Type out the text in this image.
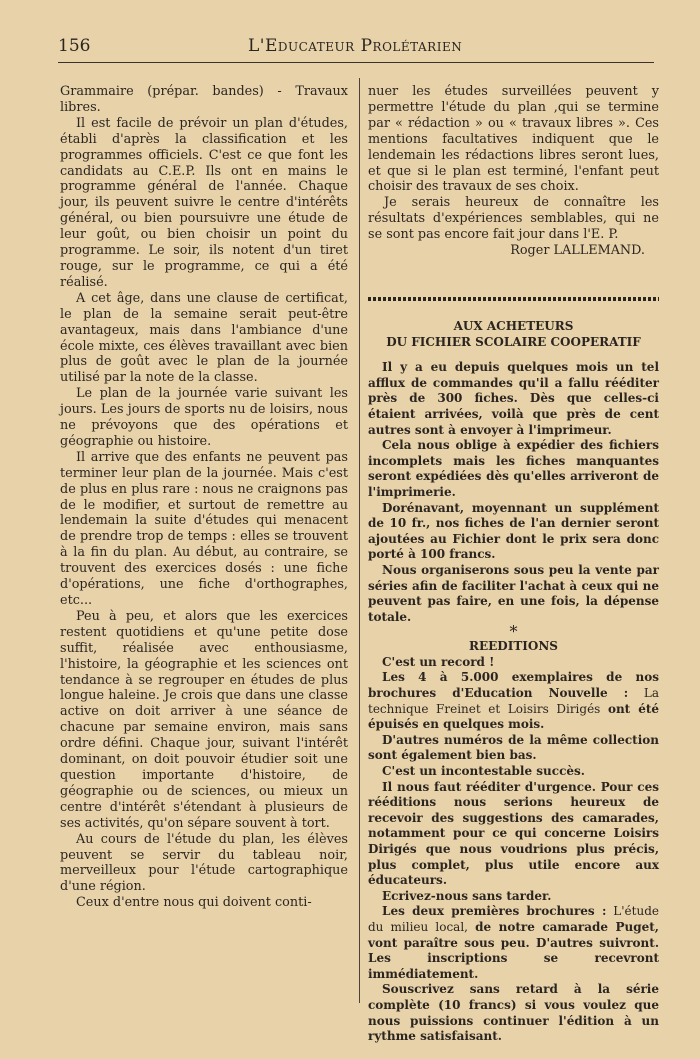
156	L'Educateur Prolétarien

Grammaire (prépar. bandes) - Travaux libres.

Il est facile de prévoir un plan d'études, établi d'après la classification et les programmes officiels. C'est ce que font les candidats au C.E.P. Ils ont en mains le programme général de l'année. Chaque jour, ils peuvent suivre le centre d'intérêts général, ou bien poursuivre une étude de leur goût, ou bien choisir un point du programme. Le soir, ils notent d'un tiret rouge, sur le programme, ce qui a été réalisé.

A cet âge, dans une clause de certificat, le plan de la semaine serait peut-être avantageux, mais dans l'ambiance d'une école mixte, ces élèves travaillant avec bien plus de goût avec le plan de la journée utilisé par la note de la classe.

Le plan de la journée varie suivant les jours. Les jours de sports nu de loisirs, nous ne prévoyons que des opérations et géographie ou histoire.

Il arrive que des enfants ne peuvent pas terminer leur plan de la journée. Mais c'est de plus en plus rare : nous ne craignons pas de le modifier, et surtout de remettre au lendemain la suite d'études qui menacent de prendre trop de temps : elles se trouvent à la fin du plan. Au début, au contraire, se trouvent des exercices dosés : une fiche d'opérations, une fiche d'orthographes, etc...

Peu à peu, et alors que les exercices restent quotidiens et qu'une petite dose suffit, réalisée avec enthousiasme, l'histoire, la géographie et les sciences ont tendance à se regrouper en études de plus longue haleine. Je crois que dans une classe active on doit arriver à une séance de chacune par semaine environ, mais sans ordre défini. Chaque jour, suivant l'intérêt dominant, on doit pouvoir étudier soit une question importante d'histoire, de géographie ou de sciences, ou mieux un centre d'intérêt s'étendant à plusieurs de ses activités, qu'on sépare souvent à tort.

Au cours de l'étude du plan, les élèves peuvent se servir du tableau noir, merveilleux pour l'étude cartographique d'une région.

Ceux d'entre nous qui doivent conti-

nuer les études surveillées peuvent y permettre l'étude du plan ,qui se termine par « rédaction » ou « travaux libres ». Ces mentions facultatives indiquent que le lendemain les rédactions libres seront lues, et que si le plan est terminé, l'enfant peut choisir des travaux de ses choix.

Je serais heureux de connaître les résultats d'expériences semblables, qui ne se sont pas encore fait jour dans l'E. P.

Roger LALLEMAND.

AUX ACHETEURS

DU FICHIER SCOLAIRE COOPERATIF

Il y a eu depuis quelques mois un tel afflux de commandes qu'il a fallu rééditer près de 300 fiches. Dès que celles-ci étaient arrivées, voilà que près de cent autres sont à envoyer à l'imprimeur.

Cela nous oblige à expédier des fichiers incomplets mais les fiches manquantes seront expédiées dès qu'elles arriveront de l'imprimerie.

Dorénavant, moyennant un supplément de 10 fr., nos fiches de l'an dernier seront ajoutées au Fichier dont le prix sera donc porté à 100 francs.

Nous organiserons sous peu la vente par séries afin de faciliter l'achat à ceux qui ne peuvent pas faire, en une fois, la dépense totale.

*

REEDITIONS

C'est un record !

Les 4 à 5.000 exemplaires de nos brochures d'Education Nouvelle : La technique Freinet et Loisirs Dirigés ont été épuisés en quelques mois.

D'autres numéros de la même collection sont également bien bas.

C'est un incontestable succès.

Il nous faut rééditer d'urgence. Pour ces rééditions nous serions heureux de recevoir des suggestions des camarades, notamment pour ce qui concerne Loisirs Dirigés que nous voudrions plus précis, plus complet, plus utile encore aux éducateurs.

Ecrivez-nous sans tarder.

Les deux premières brochures : L'étude du milieu local, de notre camarade Puget, vont paraître sous peu. D'autres suivront. Les inscriptions se recevront immédiatement.

Souscrivez sans retard à la série complète (10 francs) si vous voulez que nous puissions continuer l'édition à un rythme satisfaisant.
